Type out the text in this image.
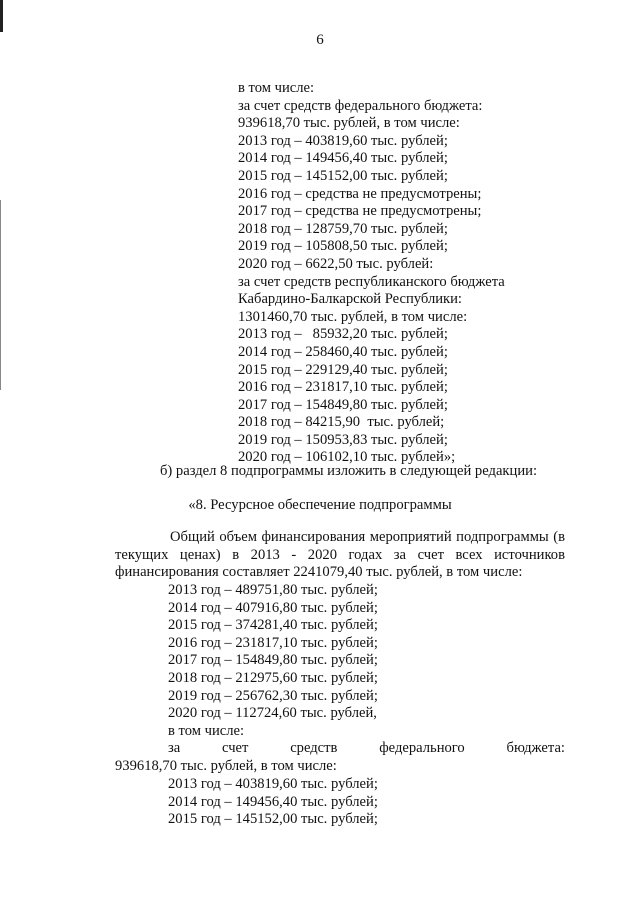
6
в том числе:
за счет средств федерального бюджета:
939618,70 тыс. рублей, в том числе:
2013 год – 403819,60 тыс. рублей;
2014 год – 149456,40 тыс. рублей;
2015 год – 145152,00 тыс. рублей;
2016 год – средства не предусмотрены;
2017 год – средства не предусмотрены;
2018 год – 128759,70 тыс. рублей;
2019 год – 105808,50 тыс. рублей;
2020 год – 6622,50 тыс. рублей:
за счет средств республиканского бюджета
Кабардино-Балкарской Республики:
1301460,70 тыс. рублей, в том числе:
2013 год –   85932,20 тыс. рублей;
2014 год – 258460,40 тыс. рублей;
2015 год – 229129,40 тыс. рублей;
2016 год – 231817,10 тыс. рублей;
2017 год – 154849,80 тыс. рублей;
2018 год – 84215,90  тыс. рублей;
2019 год – 150953,83 тыс. рублей;
2020 год – 106102,10 тыс. рублей»;
б) раздел 8 подпрограммы изложить в следующей редакции:
«8. Ресурсное обеспечение подпрограммы
Общий объем финансирования мероприятий подпрограммы (в текущих ценах) в 2013 - 2020 годах за счет всех источников финансирования составляет 2241079,40 тыс. рублей, в том числе:
2013 год – 489751,80 тыс. рублей;
2014 год – 407916,80 тыс. рублей;
2015 год – 374281,40 тыс. рублей;
2016 год – 231817,10 тыс. рублей;
2017 год – 154849,80 тыс. рублей;
2018 год – 212975,60 тыс. рублей;
2019 год – 256762,30 тыс. рублей;
2020 год – 112724,60 тыс. рублей,
в том числе:
за	счет	средств	федерального	бюджета:
939618,70 тыс. рублей, в том числе:
2013 год – 403819,60 тыс. рублей;
2014 год – 149456,40 тыс. рублей;
2015 год – 145152,00 тыс. рублей;
